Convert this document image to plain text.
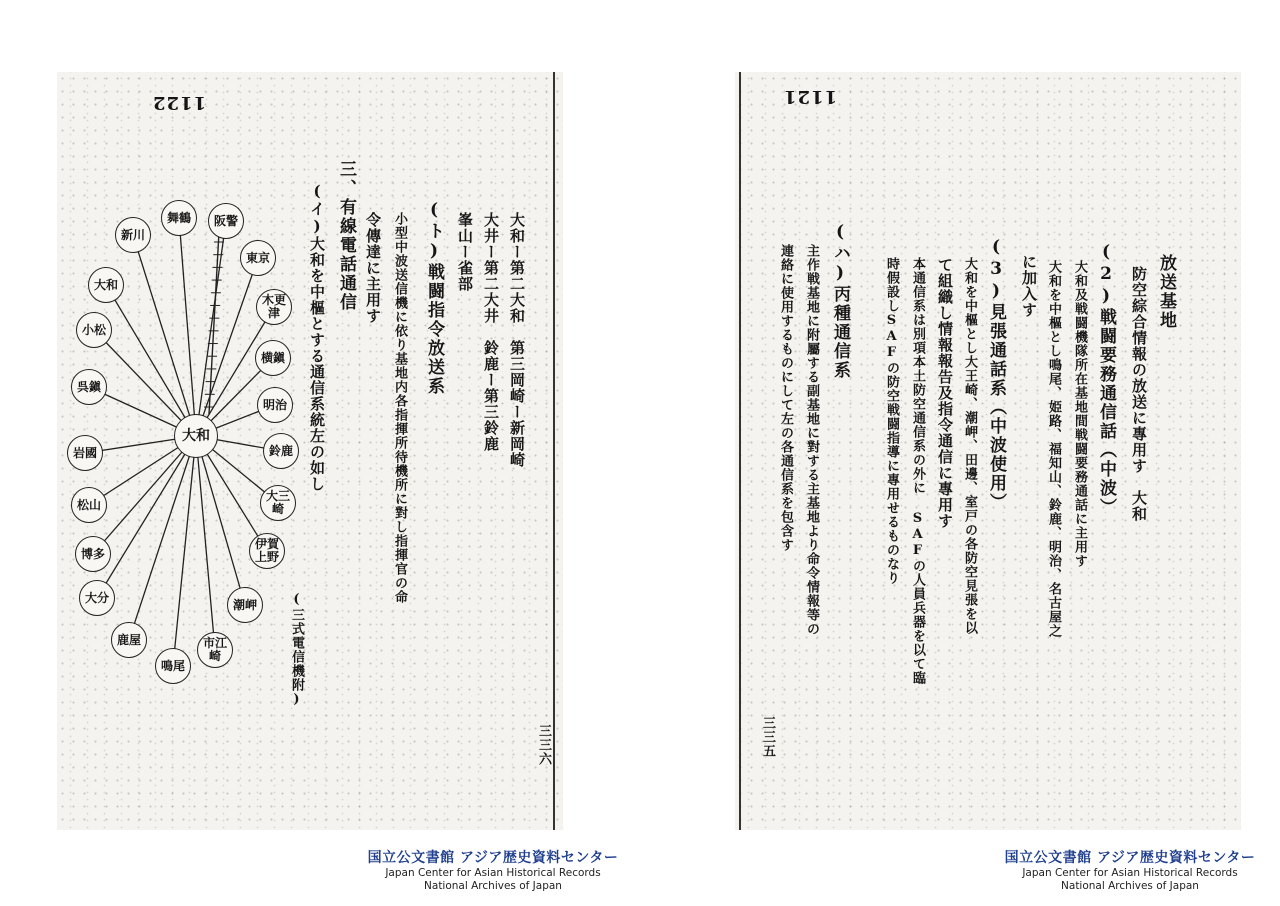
1122
大和ー第二大和　第三岡崎ー新岡崎
大井ー第二大井　鈴鹿ー第三鈴鹿
峯山ー雀部
(ト)戦闘指令放送系
小型中波送信機に依り基地内各指揮所待機所に對し指揮官の命
令傳達に主用す
三、有線電話通信
(イ)大和を中樞とする通信系統左の如し
(三式電信機附)
三三六
大和
舞鶴	阪警
東京
木更津
横鎭
明治
鈴鹿
大三崎
伊賀上野
潮岬
市江崎
鳴尾
鹿屋
大分
博多
松山
岩國
呉鎭
小松
大和
新川
1121
放送基地
防空綜合情報の放送に專用す　大和
(2)戦闘要務通信話（中波）
大和及戦闘機隊所在基地間戦闘要務通話に主用す
大和を中樞とし鳴尾、姫路、福知山、鈴鹿、明治、名古屋之
に加入す
(3)見張通話系（中波使用）
大和を中樞とし大王崎、潮岬、田邊、室戸の各防空見張を以
て組織し情報報告及指令通信に專用す
本通信系は別項本土防空通信系の外に SAFの人員兵器を以て臨
時假設しSAFの防空戦闘指導に專用せるものなり
(ハ)丙種通信系
主作戦基地に附屬する副基地に對する主基地より命令情報等の
連絡に使用するものにして左の各通信系を包含す
三三五
国立公文書館 アジア歴史資料センター
Japan Center for Asian Historical Records
National Archives of Japan
国立公文書館 アジア歴史資料センター
Japan Center for Asian Historical Records
National Archives of Japan
